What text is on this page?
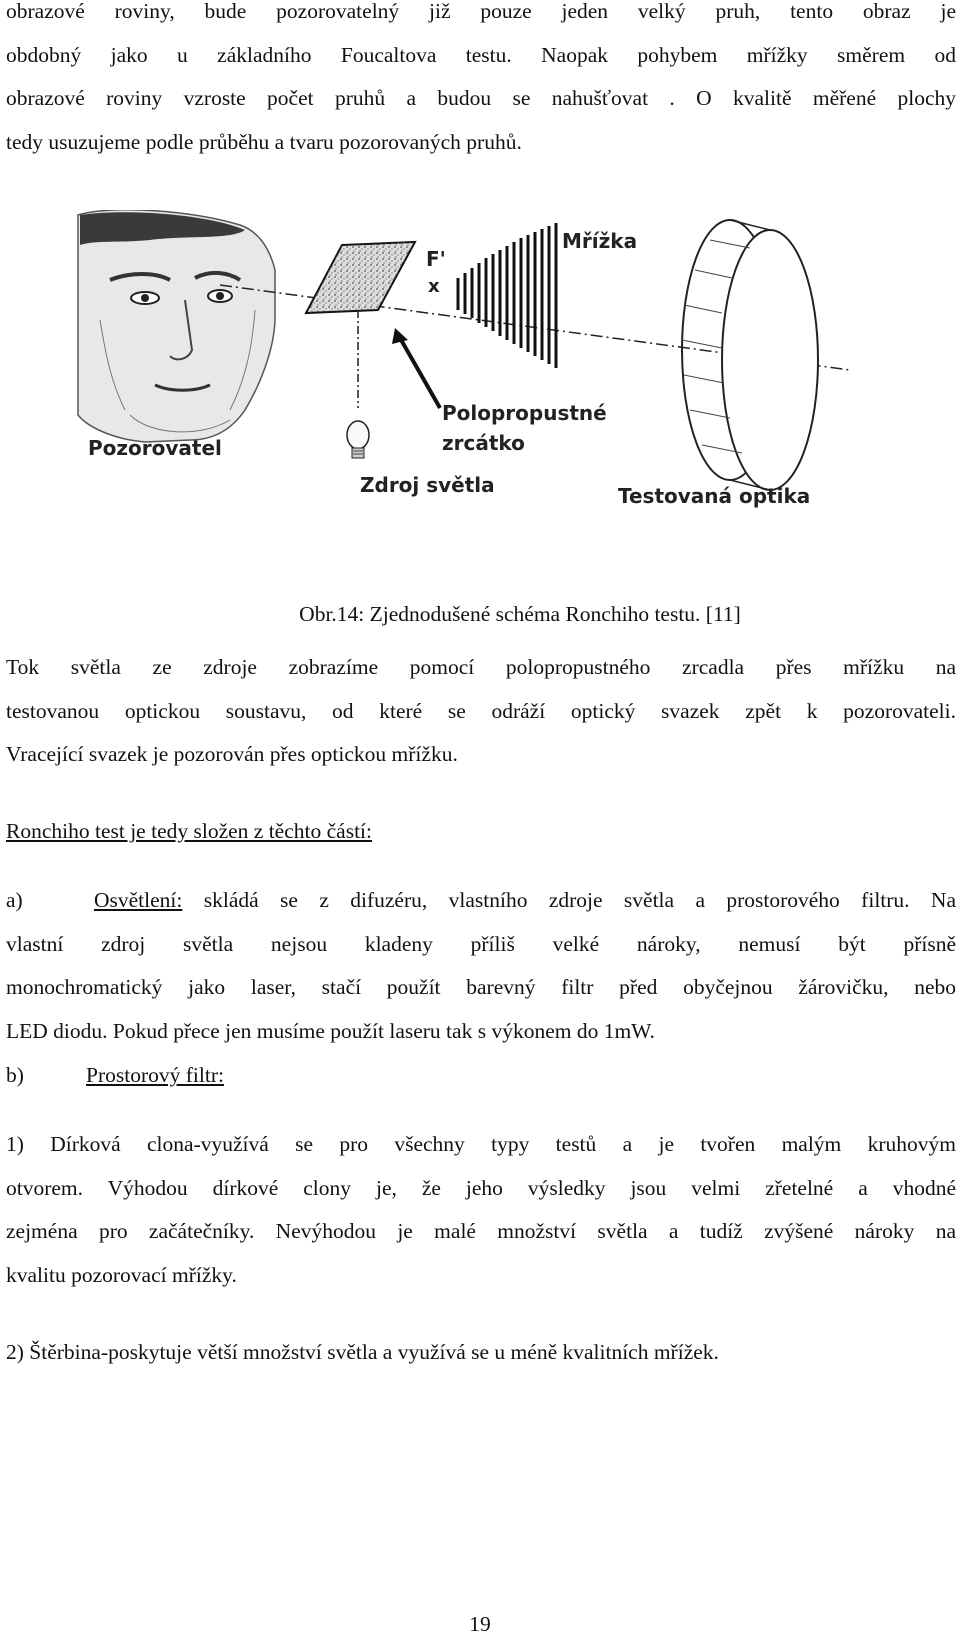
obrazové roviny, bude pozorovatelný již pouze jeden velký pruh, tento obraz je
obdobný jako u základního Foucaltova testu. Naopak pohybem mřížky směrem od
obrazové roviny vzroste počet pruhů a budou se nahušťovat . O kvalitě měřené plochy
tedy usuzujeme podle průběhu a tvaru pozorovaných pruhů.
Pozorovatel
Mřížka
F'
x
Polopropustné
zrcátko
Zdroj světla	Testovaná optika
Obr.14: Zjednodušené schéma Ronchiho testu. [11]
Tok světla ze zdroje zobrazíme pomocí polopropustného zrcadla přes mřížku na
testovanou optickou soustavu, od které se odráží optický svazek zpět k pozorovateli.
Vracející svazek je pozorován přes optickou mřížku.
Ronchiho test je tedy složen z těchto částí:
a)	Osvětlení: skládá se z difuzéru, vlastního zdroje světla a prostorového filtru. Na
vlastní zdroj světla nejsou kladeny příliš velké nároky, nemusí být přísně
monochromatický jako laser, stačí použít barevný filtr před obyčejnou žárovičku, nebo
LED diodu. Pokud přece jen musíme použít laseru tak s výkonem do 1mW.
b)	Prostorový filtr:
1) Dírková clona-využívá se pro všechny typy testů a je tvořen malým kruhovým
otvorem. Výhodou dírkové clony je, že jeho výsledky jsou velmi zřetelné a vhodné
zejména pro začátečníky. Nevýhodou je malé množství světla a tudíž zvýšené nároky na
kvalitu pozorovací mřížky.
2) Štěrbina-poskytuje větší množství světla a využívá se u méně kvalitních mřížek.
19
